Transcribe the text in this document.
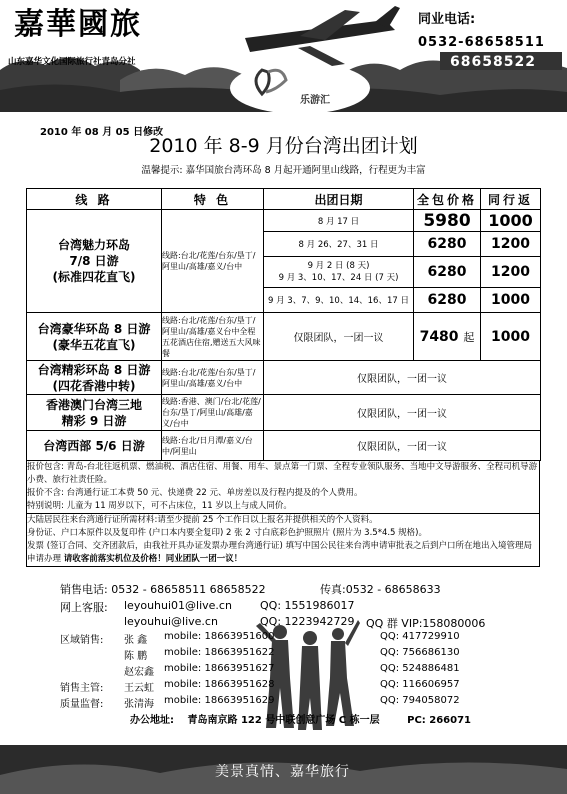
嘉華國旅
山东嘉华文化国际旅行社青岛分社
同业电话:
0532-68658511
68658522
乐游汇
2010 年 08 月 05 日修改
2010 年 8-9 月份台湾出团计划
温馨提示: 嘉华国旅台湾环岛 8 月起开通阿里山线路，行程更为丰富
线 路	特 色	出团日期	全包价格	同行返

台湾魅力环岛
7/8 日游
(标准四花直飞)	线路:台北/花莲/台东/垦丁/阿里山/高雄/嘉义/台中	8 月 17 日	5980	1000
		8 月 26、27、31 日	6280	1200
		9 月 2 日 (8 天)
9 月 3、10、17、24 日 (7 天)	6280	1200
		9 月 3、7、9、10、14、16、17 日	6280	1000

台湾豪华环岛 8 日游
(豪华五花直飞)	线路:台北/花莲/台东/垦丁/阿里山/高雄/嘉义台中全程五花酒店住宿,赠送五大风味餐	仅限团队，一团一议	7480 起	1000

台湾精彩环岛 8 日游
(四花香港中转)	线路:台北/花莲/台东/垦丁/阿里山/高雄/嘉义/台中	仅限团队，一团一议		

香港澳门台湾三地
精彩 9 日游	线路:香港、澳门/台北/花莲/台东/垦丁/阿里山/高雄/嘉义/台中	仅限团队，一团一议		

台湾西部 5/6 日游	线路:台北/日月潭/嘉义/台中/阿里山	仅限团队，一团一议		
报价包含: 青岛-台北往返机票、燃油税、酒店住宿、用餐、用车、景点第一门票、全程专业领队服务、当地中文导游服务、全程司机导游小费、旅行社责任险。
报价不含: 台湾通行证工本费 50 元、快递费 22 元、单房差以及行程内提及的个人费用。
特别说明: 儿童为 11 周岁以下，可不占床位，11 岁以上与成人同价。

大陆居民往来台湾通行证所需材料:请至少提前 25 个工作日以上报名并提供相关的个人资料。
身份证、户口本原件以及复印件 (户口本内要全复印) 2 张 2 寸白底彩色护照照片 (照片为 3.5*4.5 规格)。
发票 (签订合同、交齐团款后，由我社开具办证发票办理台湾通行证) 填写中国公民往来台湾申请审批表之后到户口所在地出入境管理局申请办理 请收客前落实机位及价格！同业团队一团一议！
销售电话: 0532 - 68658511 68658522	传真:0532 - 68658633
网上客服: leyouhui01@live.cn	QQ: 1551986017
leyouhui@live.cn	QQ: 1223942729 QQ 群 VIP:158080006
区域销售: 张 鑫 mobile: 18663951600	QQ: 417729910
陈 鹏 mobile: 18663951622	QQ: 756686130
赵宏鑫 mobile: 18663951627	QQ: 524886481
销售主管: 王云虹 mobile: 18663951628	QQ: 116606957
质量监督: 张清海 mobile: 18663951629	QQ: 794058072
办公地址: 青岛南京路 122 号中联创意广场 C 栋一层	PC: 266071
美景真情、嘉华旅行
